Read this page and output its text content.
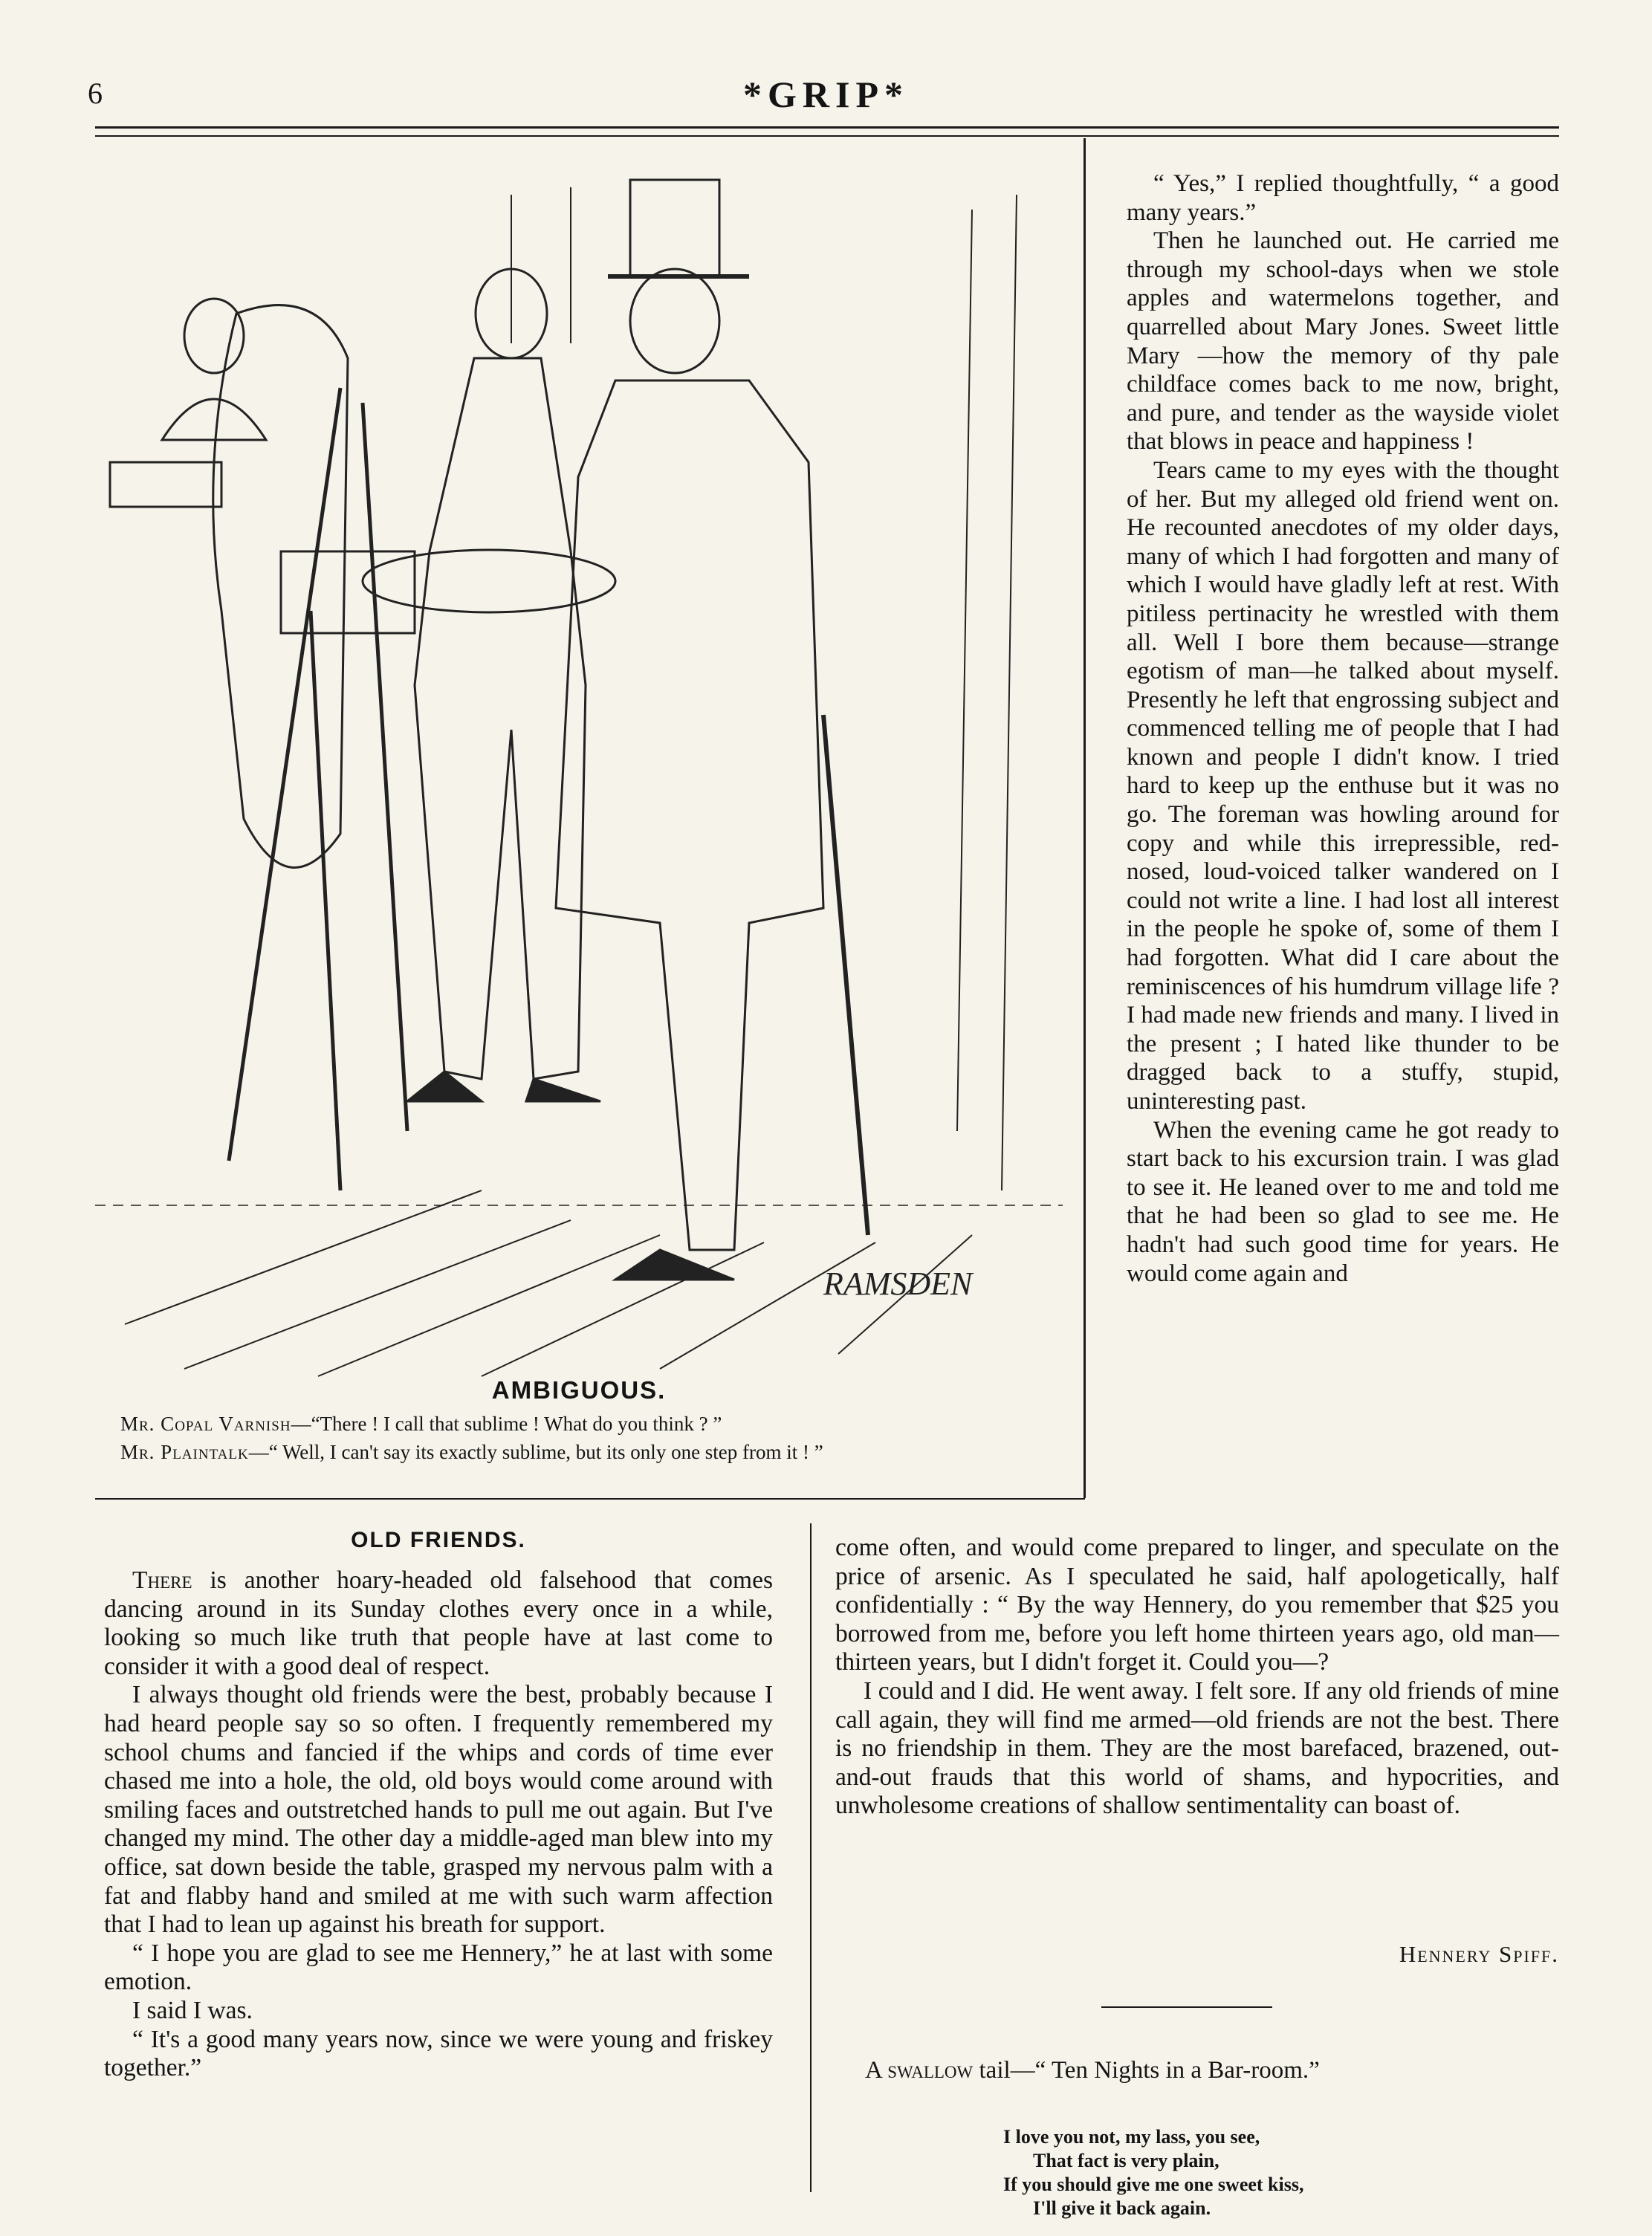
6	*GRIP*
RAMSDEN
AMBIGUOUS.
Mr. Copal Varnish—“There ! I call that sublime ! What do you think ? ”
Mr. Plaintalk—“ Well, I can't say its exactly sublime, but its only one step from it ! ”

“ Yes,” I replied thoughtfully, “ a good many years.”

Then he launched out. He carried me through my school-days when we stole apples and watermelons together, and quarrelled about Mary Jones. Sweet little Mary —how the memory of thy pale childface comes back to me now, bright, and pure, and tender as the wayside violet that blows in peace and happiness !

Tears came to my eyes with the thought of her. But my alleged old friend went on. He recounted anecdotes of my older days, many of which I had forgotten and many of which I would have gladly left at rest. With pitiless pertinacity he wrestled with them all. Well I bore them because—strange egotism of man—he talked about myself. Presently he left that engrossing subject and commenced telling me of people that I had known and people I didn't know. I tried hard to keep up the enthuse but it was no go. The foreman was howling around for copy and while this irrepressible, red-nosed, loud-voiced talker wandered on I could not write a line. I had lost all interest in the people he spoke of, some of them I had forgotten. What did I care about the reminiscences of his humdrum village life ? I had made new friends and many. I lived in the present ; I hated like thunder to be dragged back to a stuffy, stupid, uninteresting past.

When the evening came he got ready to start back to his excursion train. I was glad to see it. He leaned over to me and told me that he had been so glad to see me. He hadn't had such good time for years. He would come again and

OLD FRIENDS.

There is another hoary-headed old falsehood that comes dancing around in its Sunday clothes every once in a while, looking so much like truth that people have at last come to consider it with a good deal of respect.

I always thought old friends were the best, probably because I had heard people say so so often. I frequently remembered my school chums and fancied if the whips and cords of time ever chased me into a hole, the old, old boys would come around with smiling faces and outstretched hands to pull me out again. But I've changed my mind. The other day a middle-aged man blew into my office, sat down beside the table, grasped my nervous palm with a fat and flabby hand and smiled at me with such warm affection that I had to lean up against his breath for support.

“ I hope you are glad to see me Hennery,” he at last with some emotion.

I said I was.

“ It's a good many years now, since we were young and friskey together.”

come often, and would come prepared to linger, and speculate on the price of arsenic. As I speculated he said, half apologetically, half confidentially : “ By the way Hennery, do you remember that $25 you borrowed from me, before you left home thirteen years ago, old man—thirteen years, but I didn't forget it. Could you—?

I could and I did. He went away. I felt sore. If any old friends of mine call again, they will find me armed—old friends are not the best. There is no friendship in them. They are the most barefaced, brazened, out-and-out frauds that this world of shams, and hypocrities, and unwholesome creations of shallow sentimentality can boast of.

Hennery Spiff.
A swallow tail—“ Ten Nights in a Bar-room.”
I love you not, my lass, you see,
That fact is very plain,
If you should give me one sweet kiss,
I'll give it back again.
